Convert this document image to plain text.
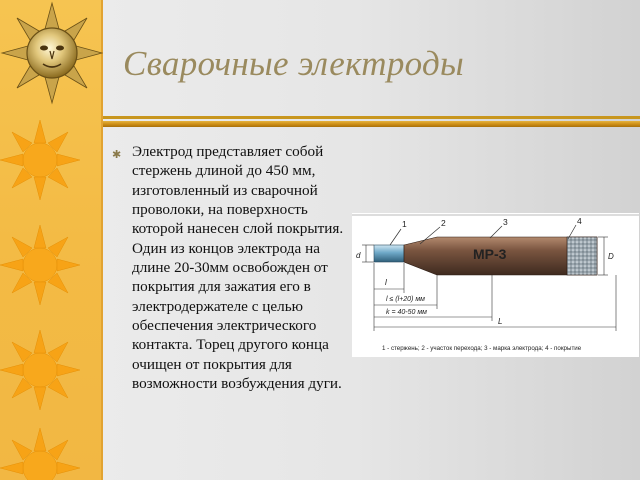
Сварочные электроды
✱ Электрод представляет собой стержень длиной до 450 мм, изготовленный из сварочной проволоки, на поверхность которой нанесен слой покрытия. Один из концов электрода на длине 20-30мм освобожден от покрытия для зажатия его в электродержателе с целью обеспечения электрического контакта. Торец другого конца очищен от покрытия для возможности возбуждения дуги.
МР-3
1	2	3	4
d	D
l
l ≤ (l+20) мм
k = 40-50 мм
L
1 - стержень; 2 - участок перехода; 3 - марка электрода; 4 - покрытие
